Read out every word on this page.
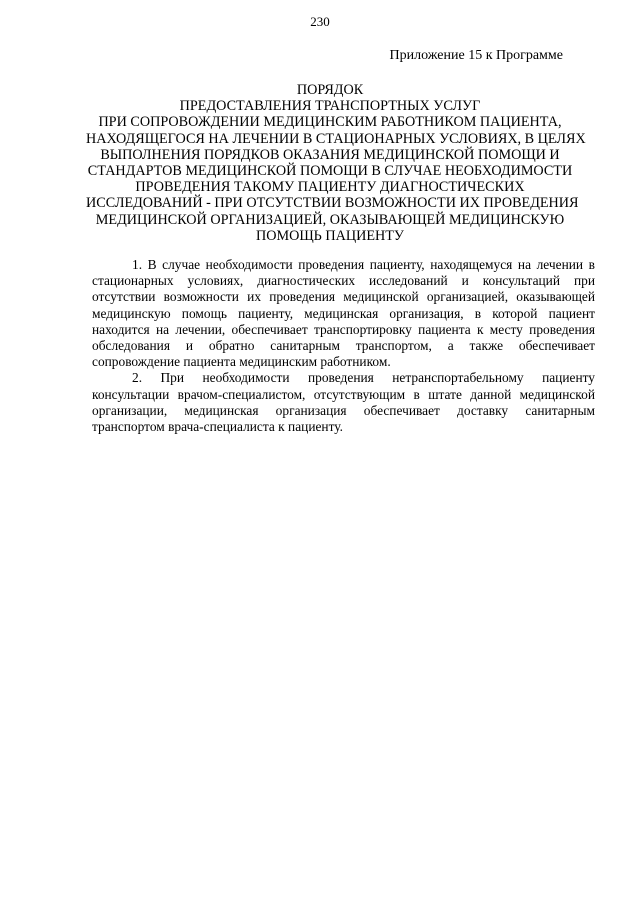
230
Приложение 15 к Программе
ПОРЯДОК
ПРЕДОСТАВЛЕНИЯ ТРАНСПОРТНЫХ УСЛУГ
ПРИ СОПРОВОЖДЕНИИ МЕДИЦИНСКИМ РАБОТНИКОМ ПАЦИЕНТА,
НАХОДЯЩЕГОСЯ НА ЛЕЧЕНИИ В СТАЦИОНАРНЫХ УСЛОВИЯХ, В ЦЕЛЯХ
ВЫПОЛНЕНИЯ ПОРЯДКОВ ОКАЗАНИЯ МЕДИЦИНСКОЙ ПОМОЩИ И
СТАНДАРТОВ МЕДИЦИНСКОЙ ПОМОЩИ В СЛУЧАЕ НЕОБХОДИМОСТИ
ПРОВЕДЕНИЯ ТАКОМУ ПАЦИЕНТУ ДИАГНОСТИЧЕСКИХ
ИССЛЕДОВАНИЙ - ПРИ ОТСУТСТВИИ ВОЗМОЖНОСТИ ИХ ПРОВЕДЕНИЯ
МЕДИЦИНСКОЙ ОРГАНИЗАЦИЕЙ, ОКАЗЫВАЮЩЕЙ МЕДИЦИНСКУЮ
ПОМОЩЬ ПАЦИЕНТУ

1. В случае необходимости проведения пациенту, находящемуся на лечении в стационарных условиях, диагностических исследований и консультаций при отсутствии возможности их проведения медицинской организацией, оказывающей медицинскую помощь пациенту, медицинская организация, в которой пациент находится на лечении, обеспечивает транспортировку пациента к месту проведения обследования и обратно санитарным транспортом, а также обеспечивает сопровождение пациента медицинским работником.

2. При необходимости проведения нетранспортабельному пациенту консультации врачом-специалистом, отсутствующим в штате данной медицинской организации, медицинская организация обеспечивает доставку санитарным транспортом врача-специалиста к пациенту.
